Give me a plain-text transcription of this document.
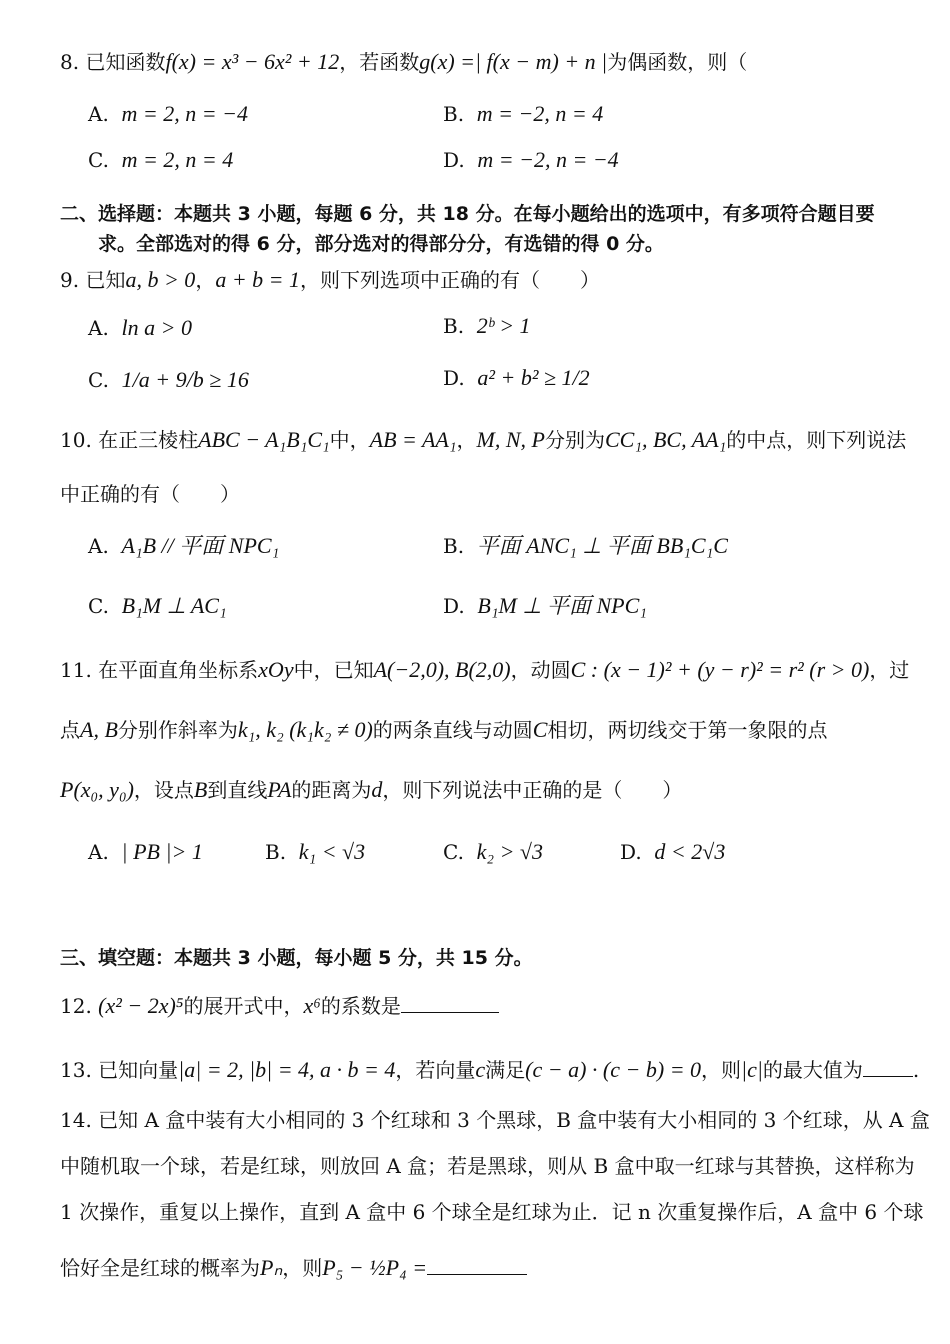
8. 已知函数f(x) = x³ − 6x² + 12，若函数g(x) =| f(x − m) + n |为偶函数，则（
A. m = 2, n = −4	B. m = −2, n = 4
C. m = 2, n = 4	D. m = −2, n = −4
二、选择题：本题共 3 小题，每题 6 分，共 18 分。在每小题给出的选项中，有多项符合题目要
求。全部选对的得 6 分，部分选对的得部分分，有选错的得 0 分。
9. 已知a, b > 0，a + b = 1，则下列选项中正确的有（　　）
A. ln a > 0	B. 2ᵇ > 1
C. 1/a + 9/b ≥ 16	D. a² + b² ≥ 1/2
10. 在正三棱柱ABC − A₁B₁C₁中，AB = AA₁，M, N, P分别为CC₁, BC, AA₁的中点，则下列说法
中正确的有（　　）
A. A₁B // 平面 NPC₁	B. 平面 ANC₁ ⊥ 平面 BB₁C₁C
C. B₁M ⊥ AC₁	D. B₁M ⊥ 平面 NPC₁
11. 在平面直角坐标系xOy中，已知A(−2,0), B(2,0)，动圆C : (x − 1)² + (y − r)² = r² (r > 0)，过
点A, B分别作斜率为k₁, k₂ (k₁k₂ ≠ 0)的两条直线与动圆C相切，两切线交于第一象限的点
P(x₀, y₀)，设点B到直线PA的距离为d，则下列说法中正确的是（　　）
A. | PB |> 1	B. k₁ < √3	C. k₂ > √3	D. d < 2√3
三、填空题：本题共 3 小题，每小题 5 分，共 15 分。
12. (x² − 2x)⁵的展开式中，x⁶的系数是
13. 已知向量|a| = 2, |b| = 4, a · b = 4，若向量c满足(c − a) · (c − b) = 0，则|c|的最大值为	.
14. 已知 A 盒中装有大小相同的 3 个红球和 3 个黑球，B 盒中装有大小相同的 3 个红球，从 A 盒
中随机取一个球，若是红球，则放回 A 盒；若是黑球，则从 B 盒中取一红球与其替换，这样称为
1 次操作，重复以上操作，直到 A 盒中 6 个球全是红球为止．记 n 次重复操作后，A 盒中 6 个球
恰好全是红球的概率为Pₙ，则P₅ − ½P₄ =
